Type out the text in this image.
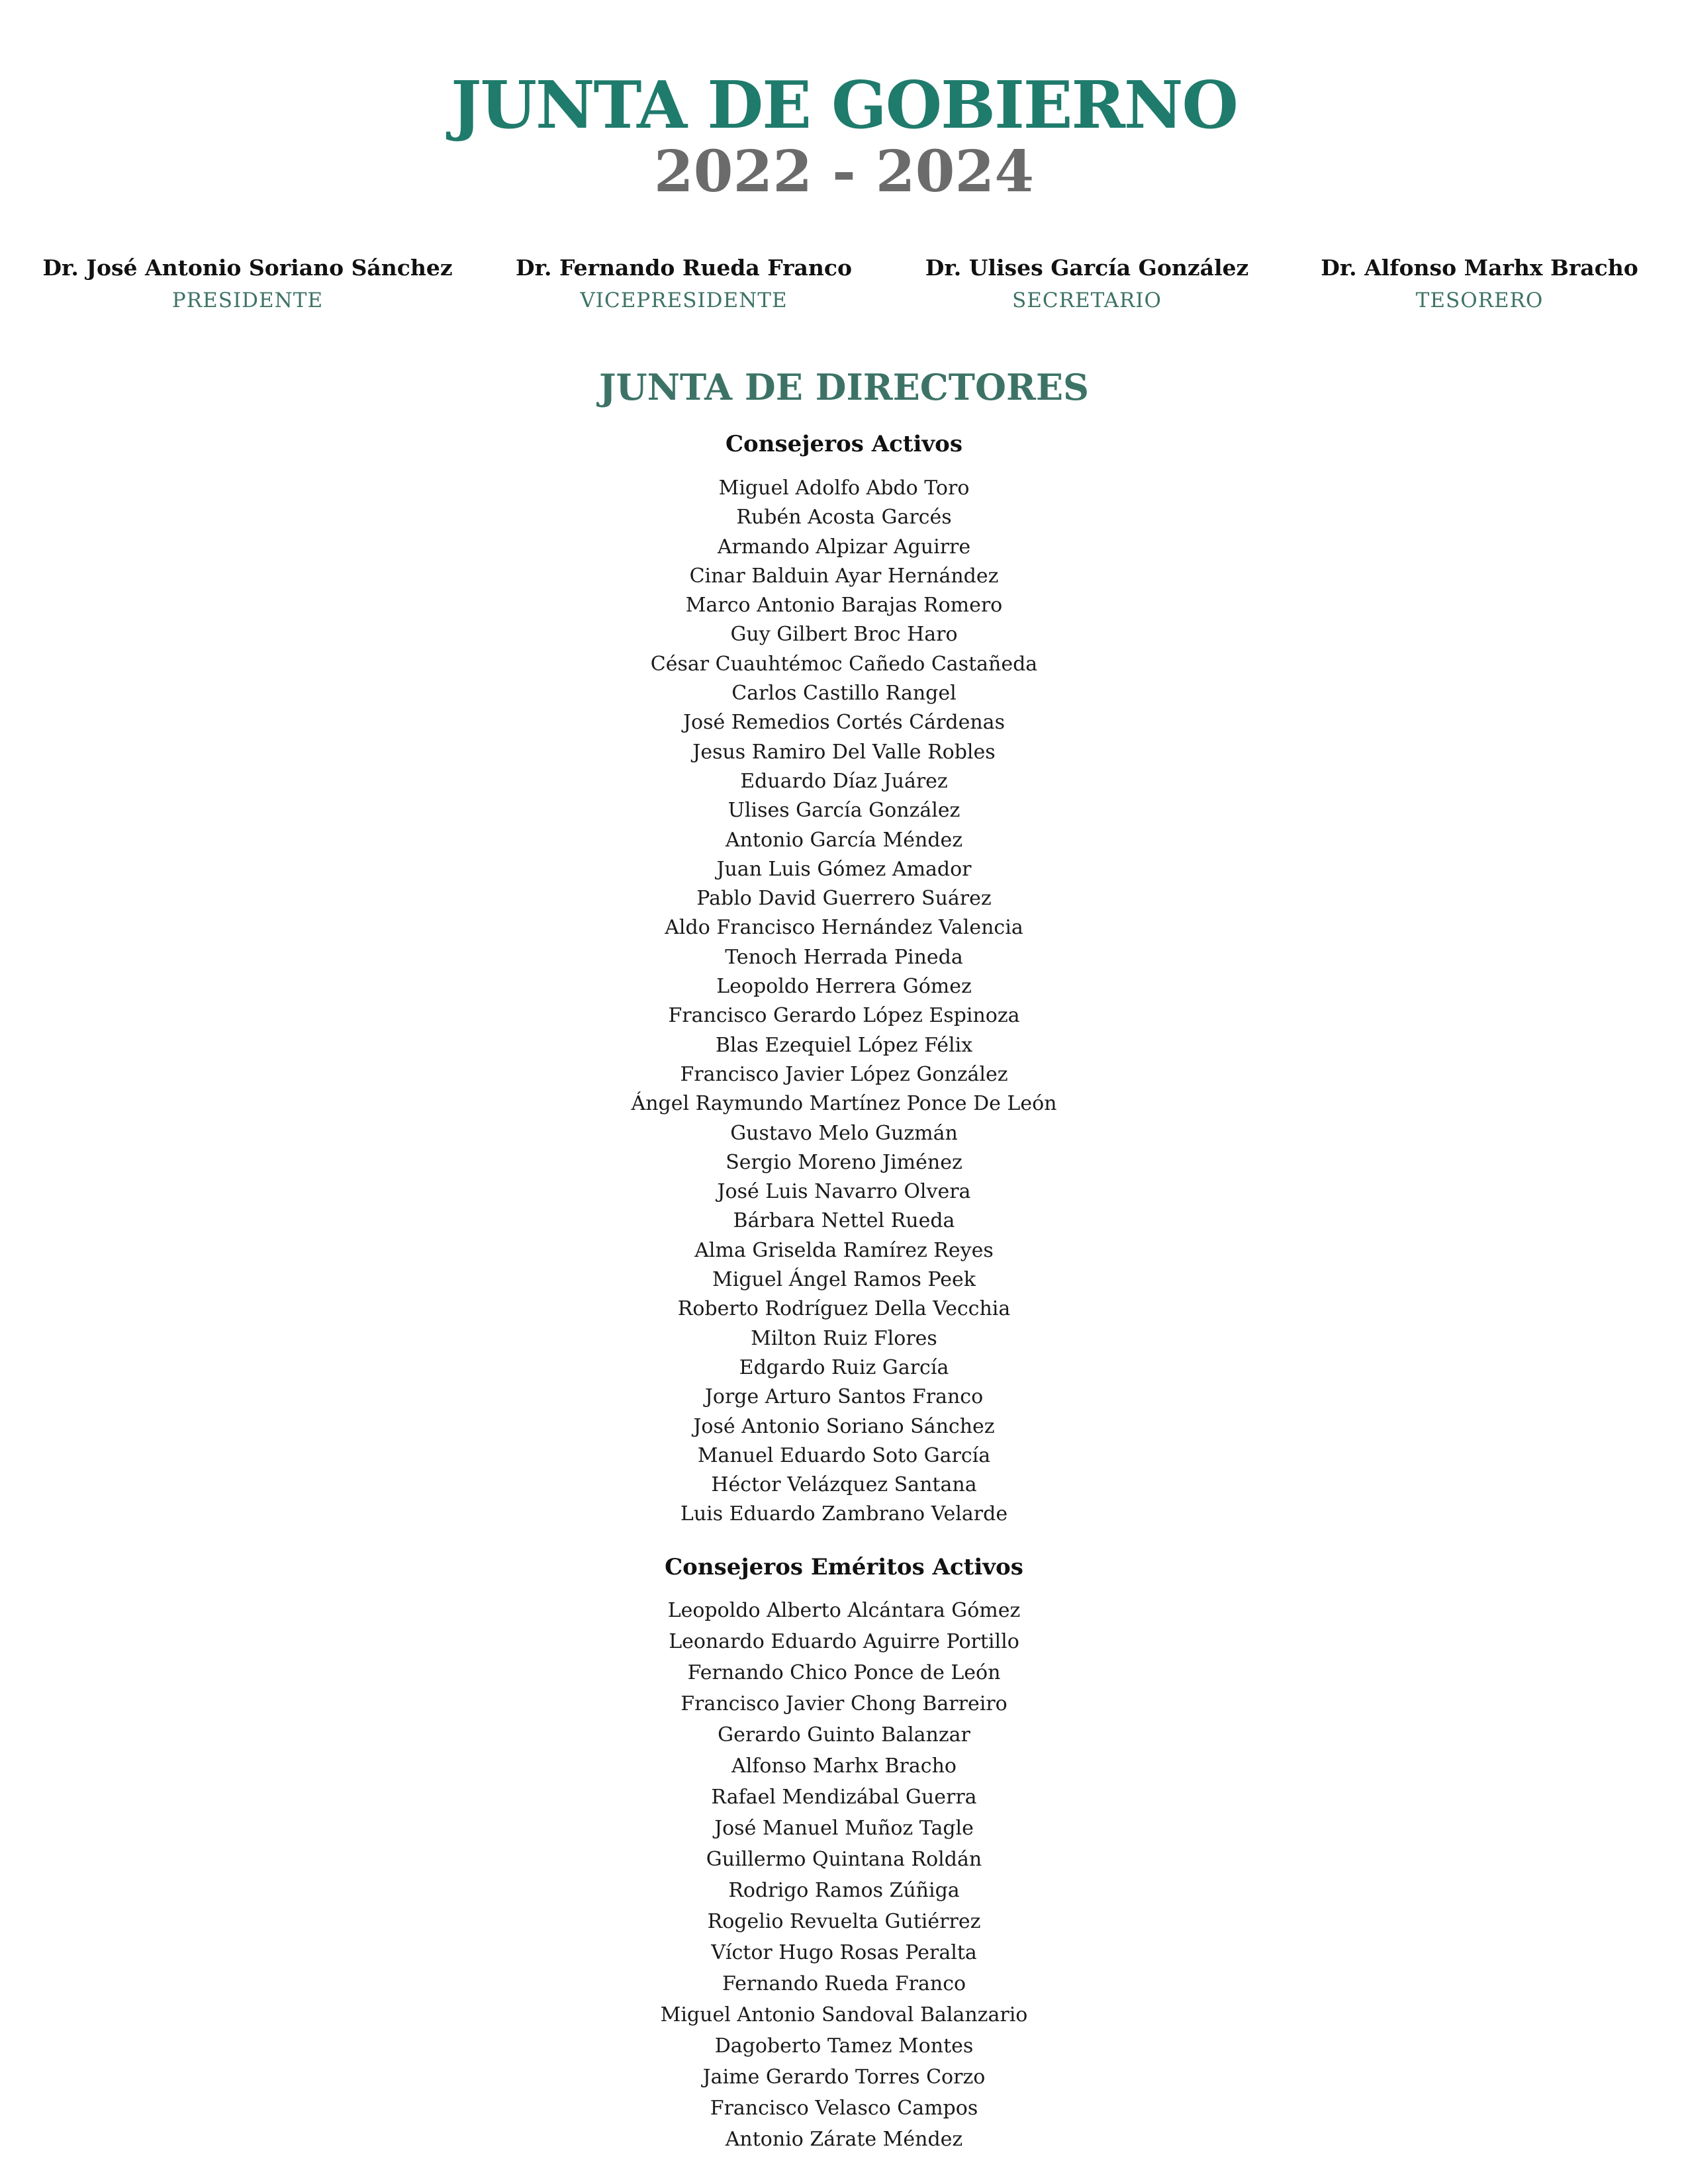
JUNTA DE GOBIERNO
2022 - 2024
Dr. José Antonio Soriano Sánchez
PRESIDENTE
Dr. Fernando Rueda Franco
VICEPRESIDENTE
Dr. Ulises García González
SECRETARIO
Dr. Alfonso Marhx Bracho
TESORERO
JUNTA DE DIRECTORES
Consejeros Activos
Miguel Adolfo Abdo Toro
Rubén Acosta Garcés
Armando Alpizar Aguirre
Cinar Balduin Ayar Hernández
Marco Antonio Barajas Romero
Guy Gilbert Broc Haro
César Cuauhtémoc Cañedo Castañeda
Carlos Castillo Rangel
José Remedios Cortés Cárdenas
Jesus Ramiro Del Valle Robles
Eduardo Díaz Juárez
Ulises García González
Antonio García Méndez
Juan Luis Gómez Amador
Pablo David Guerrero Suárez
Aldo Francisco Hernández Valencia
Tenoch Herrada Pineda
Leopoldo Herrera Gómez
Francisco Gerardo López Espinoza
Blas Ezequiel López Félix
Francisco Javier López González
Ángel Raymundo Martínez Ponce De León
Gustavo Melo Guzmán
Sergio Moreno Jiménez
José Luis Navarro Olvera
Bárbara Nettel Rueda
Alma Griselda Ramírez Reyes
Miguel Ángel Ramos Peek
Roberto Rodríguez Della Vecchia
Milton Ruiz Flores
Edgardo Ruiz García
Jorge Arturo Santos Franco
José Antonio Soriano Sánchez
Manuel Eduardo Soto García
Héctor Velázquez Santana
Luis Eduardo Zambrano Velarde
Consejeros Eméritos Activos
Leopoldo Alberto Alcántara Gómez
Leonardo Eduardo Aguirre Portillo
Fernando Chico Ponce de León
Francisco Javier Chong Barreiro
Gerardo Guinto Balanzar
Alfonso Marhx Bracho
Rafael Mendizábal Guerra
José Manuel Muñoz Tagle
Guillermo Quintana Roldán
Rodrigo Ramos Zúñiga
Rogelio Revuelta Gutiérrez
Víctor Hugo Rosas Peralta
Fernando Rueda Franco
Miguel Antonio Sandoval Balanzario
Dagoberto Tamez Montes
Jaime Gerardo Torres Corzo
Francisco Velasco Campos
Antonio Zárate Méndez
